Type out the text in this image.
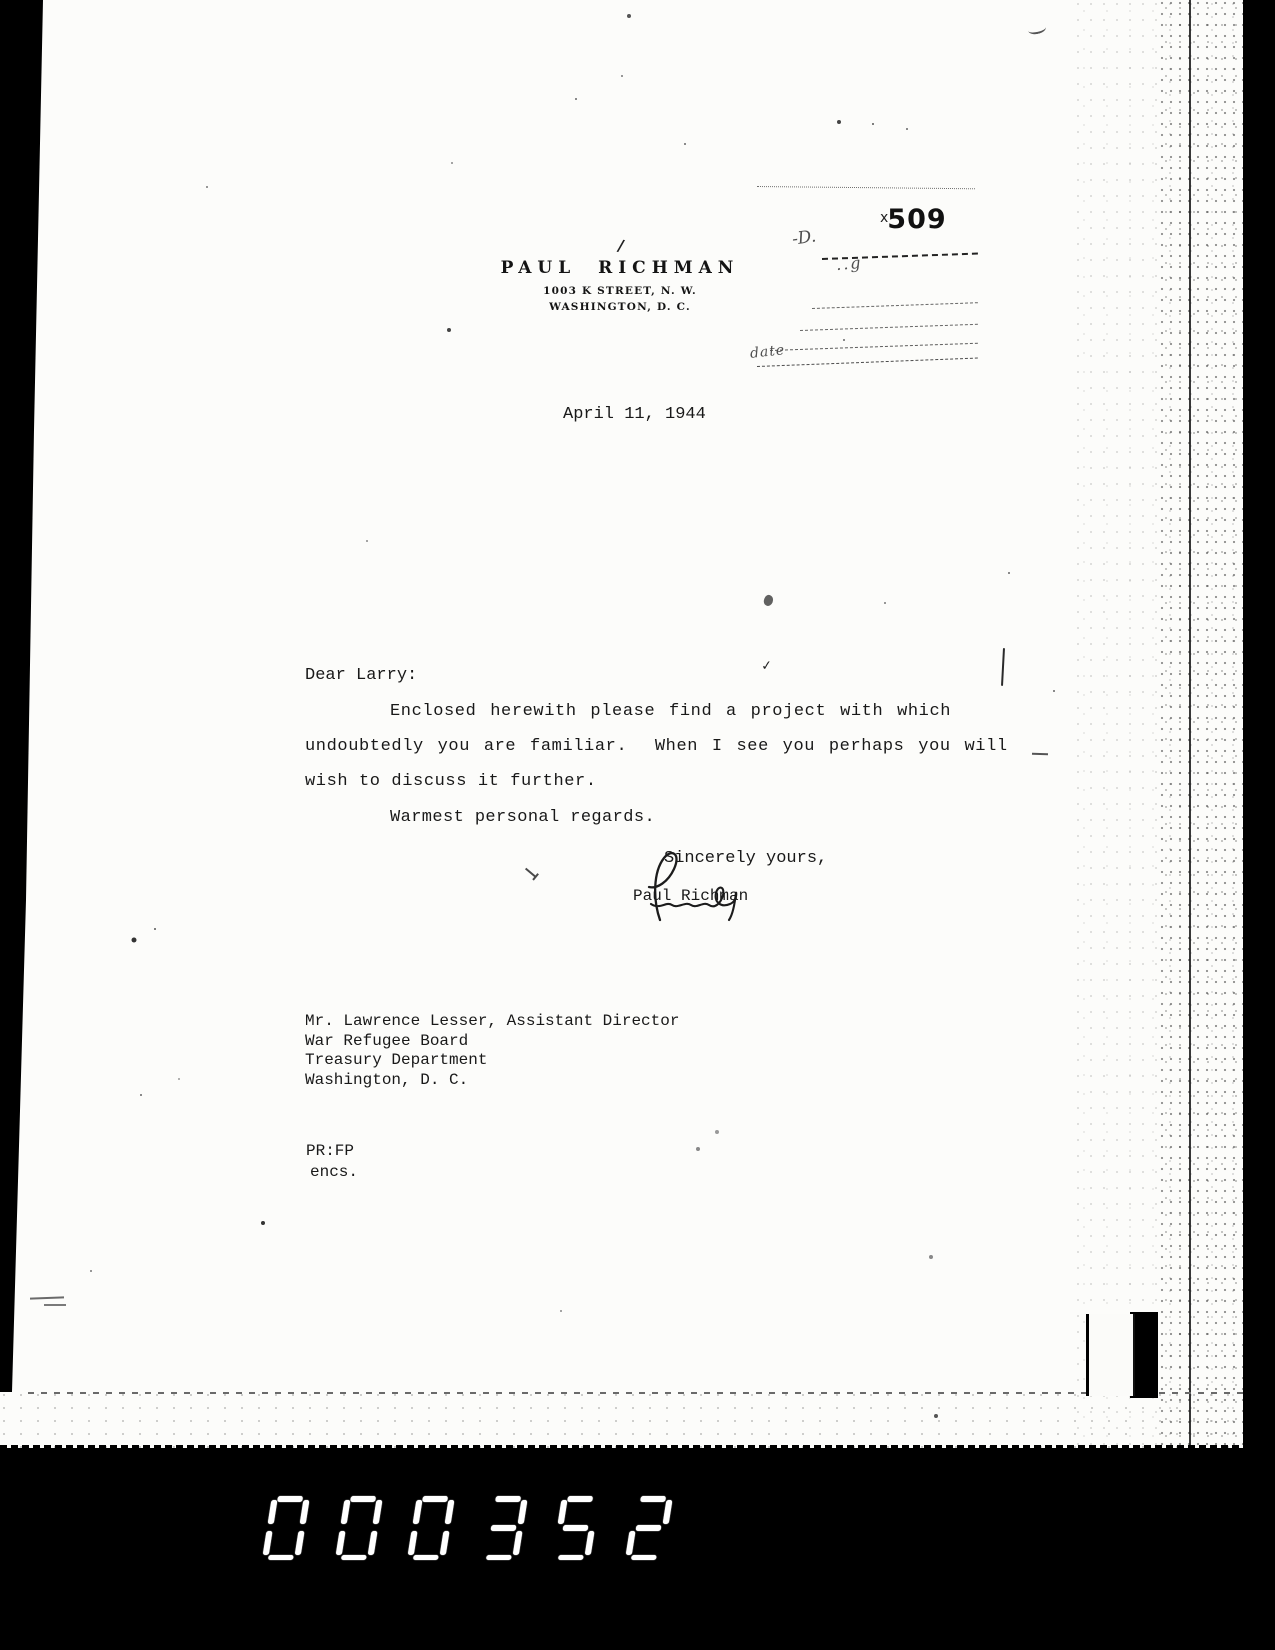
/
PAUL RICHMAN
1003 K STREET, N. W.
WASHINGTON, D. C.
$^x$509
-D.
..g
date
April 11, 1944
Dear Larry:
Enclosed herewith please find a project with which
✓
undoubtedly you are familiar.  When I see you perhaps you will
wish to discuss it further.
Warmest personal regards.
Sincerely yours,
Paul Richman
Mr. Lawrence Lesser, Assistant Director
War Refugee Board
Treasury Department
Washington, D. C.
PR:FP
encs.
